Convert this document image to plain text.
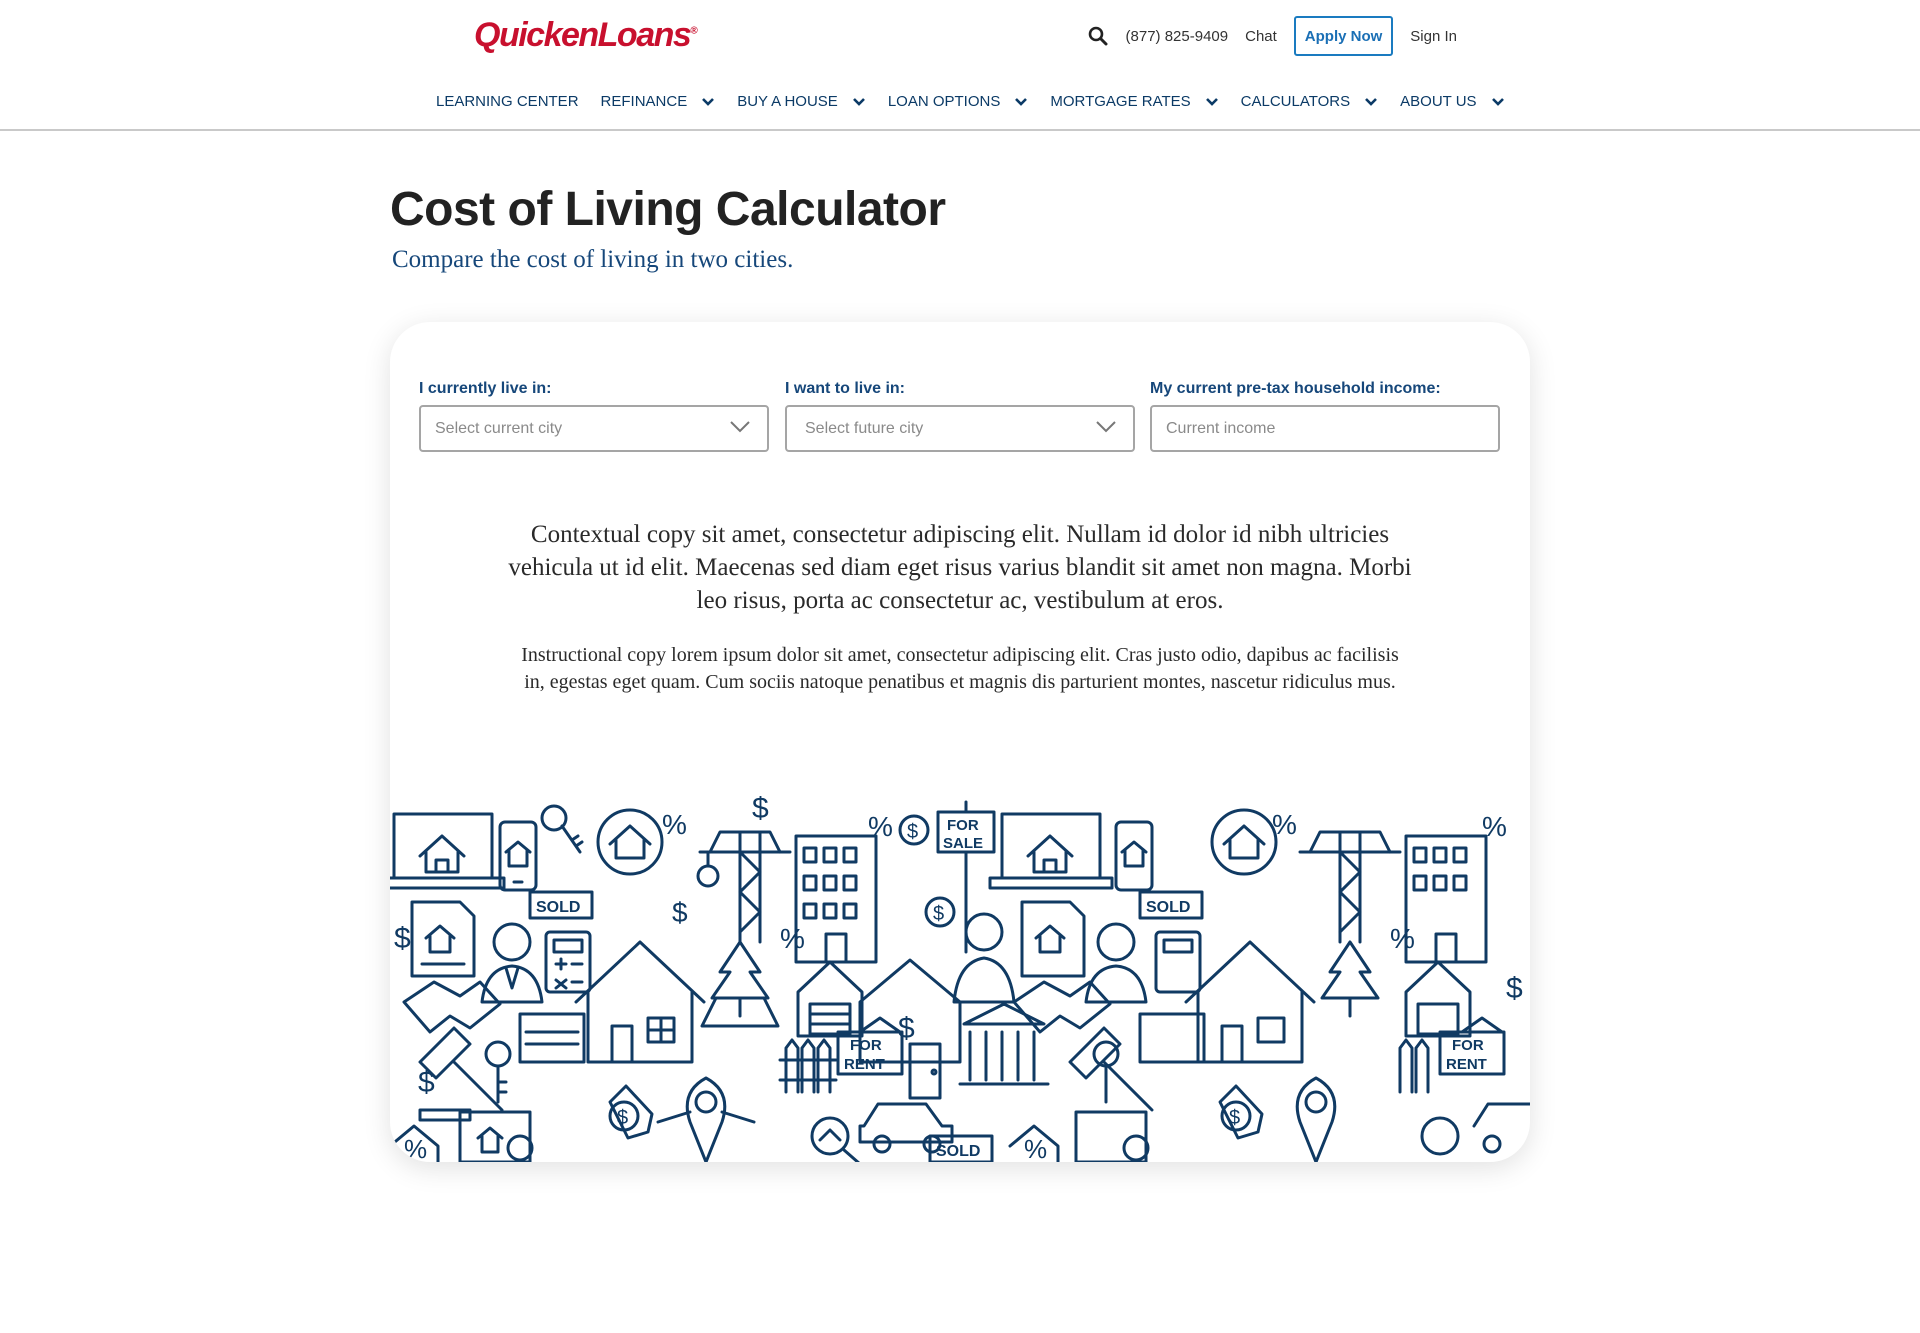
QuickenLoans®	(877) 825-9409 Chat	Apply Now	Sign In
LEARNING CENTER REFINANCE	BUY A HOUSE	LOAN OPTIONS	MORTGAGE RATES	CALCULATORS	ABOUT US
Cost of Living Calculator
Compare the cost of living in two cities.
I currently live in:
Select current city
I want to live in:
Select future city
My current pre-tax household income:
Current income

Contextual copy sit amet, consectetur adipiscing elit. Nullam id dolor id nibh ultricies vehicula ut id elit. Maecenas sed diam eget risus varius blandit sit amet non magna. Morbi leo risus, porta ac consectetur ac, vestibulum at eros.

Instructional copy lorem ipsum dolor sit amet, consectetur adipiscing elit. Cras justo odio, dapibus ac facilisis in, egestas eget quam. Cum sociis natoque penatibus et magnis dis parturient montes, nascetur ridiculus mus.

% $
% $ FOR
SALE
%	%
SOLD	SOLD
$
FOR
RENT
FOR
RENT
SOLD
%	%
$
$
$
$
%	%
$
$	$
